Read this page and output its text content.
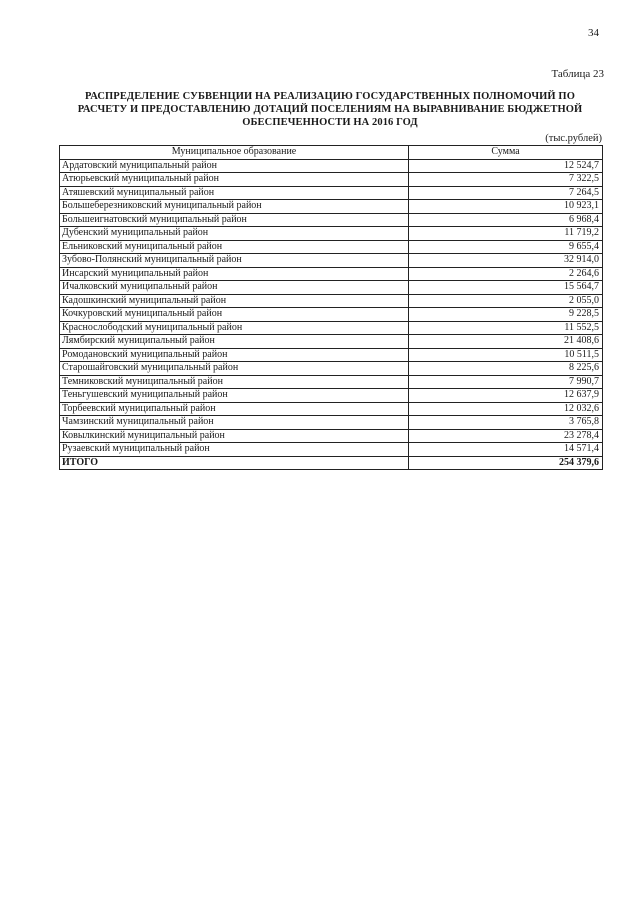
34
Таблица 23
РАСПРЕДЕЛЕНИЕ СУБВЕНЦИИ НА РЕАЛИЗАЦИЮ ГОСУДАРСТВЕННЫХ ПОЛНОМОЧИЙ ПО
РАСЧЕТУ И ПРЕДОСТАВЛЕНИЮ ДОТАЦИЙ ПОСЕЛЕНИЯМ НА ВЫРАВНИВАНИЕ БЮДЖЕТНОЙ
ОБЕСПЕЧЕННОСТИ НА 2016 ГОД
(тыс.рублей)
Муниципальное образование	Сумма
Ардатовский муниципальный район	12 524,7
Атюрьевский муниципальный район	7 322,5
Атяшевский муниципальный район	7 264,5
Большеберезниковский муниципальный район	10 923,1
Большеигнатовский муниципальный район	6 968,4
Дубенский муниципальный район	11 719,2
Ельниковский муниципальный район	9 655,4
Зубово-Полянский муниципальный район	32 914,0
Инсарский муниципальный район	2 264,6
Ичалковский муниципальный район	15 564,7
Кадошкинский муниципальный район	2 055,0
Кочкуровский муниципальный район	9 228,5
Краснослободский муниципальный район	11 552,5
Лямбирский муниципальный район	21 408,6
Ромодановский муниципальный район	10 511,5
Старошайговский муниципальный район	8 225,6
Темниковский муниципальный район	7 990,7
Теньгушевский муниципальный район	12 637,9
Торбеевский муниципальный район	12 032,6
Чамзинский муниципальный район	3 765,8
Ковылкинский муниципальный район	23 278,4
Рузаевский муниципальный район	14 571,4
ИТОГО	254 379,6
